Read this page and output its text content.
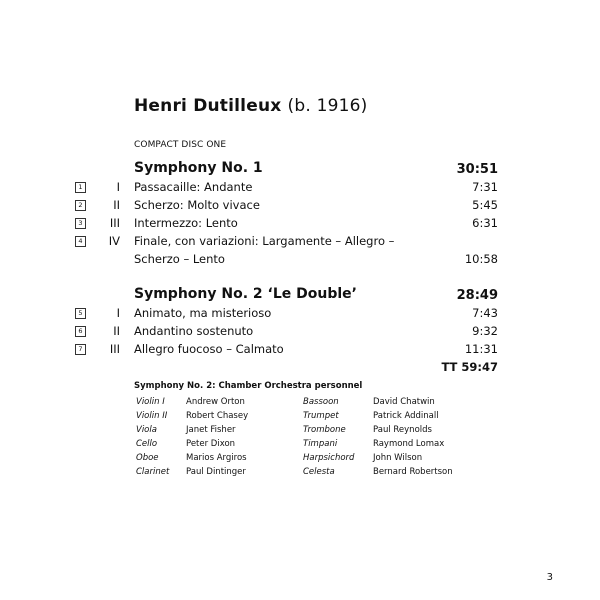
Henri Dutilleux (b. 1916)
COMPACT DISC ONE
Symphony No. 1	30:51
1	I Passacaille: Andante	7:31
2	II Scherzo: Molto vivace	5:45
3	III Intermezzo: Lento	6:31
4	IV Finale, con variazioni: Largamente – Allegro –
Scherzo – Lento	10:58
Symphony No. 2 ‘Le Double’	28:49
5	I Animato, ma misterioso	7:43
6	II Andantino sostenuto	9:32
7	III Allegro fuocoso – Calmato	11:31
TT 59:47
Symphony No. 2: Chamber Orchestra personnel
Violin I	Andrew Orton	Bassoon	David Chatwin
Violin II Robert Chasey	Trumpet	Patrick Addinall
Viola	Janet Fisher	Trombone	Paul Reynolds
Cello	Peter Dixon	Timpani	Raymond Lomax
Oboe	Marios Argiros	Harpsichord John Wilson
Clarinet Paul Dintinger	Celesta	Bernard Robertson
3
